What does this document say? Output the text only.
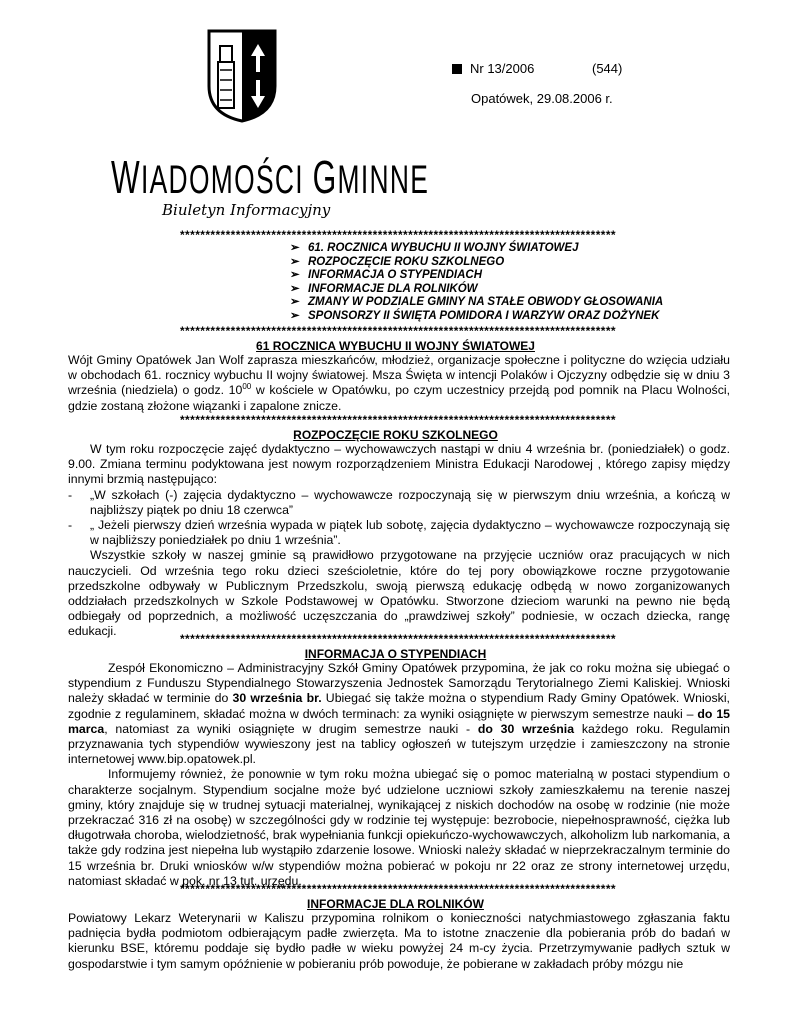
Nr 13/2006	(544)
Opatówek, 29.08.2006 r.
WIADOMOŚCI GMINNE
Biuletyn Informacyjny
**************************************************************************************
➢ 61. ROCZNICA WYBUCHU II WOJNY ŚWIATOWEJ
➢ ROZPOCZĘCIE ROKU SZKOLNEGO
➢ INFORMACJA O STYPENDIACH
➢ INFORMACJE DLA ROLNIKÓW
➢ ZMANY W PODZIALE GMINY NA STAŁE OBWODY GŁOSOWANIA
➢ SPONSORZY II ŚWIĘTA POMIDORA I WARZYW ORAZ DOŻYNEK
**************************************************************************************
61 ROCZNICA WYBUCHU II WOJNY ŚWIATOWEJ

Wójt Gminy Opatówek Jan Wolf zaprasza mieszkańców, młodzież, organizacje społeczne i polityczne do wzięcia udziału w obchodach 61. rocznicy wybuchu II wojny światowej. Msza Święta w intencji Polaków i Ojczyzny odbędzie się w dniu 3 września (niedziela) o godz. $10^{00}$ w kościele w Opatówku, po czym uczestnicy przejdą pod pomnik na Placu Wolności, gdzie zostaną złożone wiązanki i zapalone znicze.

**************************************************************************************
ROZPOCZĘCIE ROKU SZKOLNEGO

W tym roku rozpoczęcie zajęć dydaktyczno – wychowawczych nastąpi w dniu 4 września br. (poniedziałek) o godz. 9.00. Zmiana terminu podyktowana jest nowym rozporządzeniem Ministra Edukacji Narodowej , którego zapisy między innymi brzmią następująco:

-	„W szkołach (-) zajęcia dydaktyczno – wychowawcze rozpoczynają się w pierwszym dniu września, a kończą w najbliższy piątek po dniu 18 czerwca”
-	„ Jeżeli pierwszy dzień września wypada w piątek lub sobotę, zajęcia dydaktyczno – wychowawcze rozpoczynają się w najbliższy poniedziałek po dniu 1 września”.

Wszystkie szkoły w naszej gminie są prawidłowo przygotowane na przyjęcie uczniów oraz pracujących w nich nauczycieli. Od września tego roku dzieci sześcioletnie, które do tej pory obowiązkowe roczne przygotowanie przedszkolne odbywały w Publicznym Przedszkolu, swoją pierwszą edukację odbędą w nowo zorganizowanych oddziałach przedszkolnych w Szkole Podstawowej w Opatówku. Stworzone dzieciom warunki na pewno nie będą odbiegały od poprzednich, a możliwość uczęszczania do „prawdziwej szkoły” podniesie, w oczach dziecka, rangę edukacji.

**************************************************************************************
INFORMACJA O STYPENDIACH

Zespół Ekonomiczno – Administracyjny Szkół Gminy Opatówek przypomina, że jak co roku można się ubiegać o stypendium z Funduszu Stypendialnego Stowarzyszenia Jednostek Samorządu Terytorialnego Ziemi Kaliskiej. Wnioski należy składać w terminie do 30 września br. Ubiegać się także można o stypendium Rady Gminy Opatówek. Wnioski, zgodnie z regulaminem, składać można w dwóch terminach: za wyniki osiągnięte w pierwszym semestrze nauki – do 15 marca, natomiast za wyniki osiągnięte w drugim semestrze nauki - do 30 września każdego roku. Regulamin przyznawania tych stypendiów wywieszony jest na tablicy ogłoszeń w tutejszym urzędzie i zamieszczony na stronie internetowej www.bip.opatowek.pl.

Informujemy również, że ponownie w tym roku można ubiegać się o pomoc materialną w postaci stypendium o charakterze socjalnym. Stypendium socjalne może być udzielone uczniowi szkoły zamieszkałemu na terenie naszej gminy, który znajduje się w trudnej sytuacji materialnej, wynikającej z niskich dochodów na osobę w rodzinie (nie może przekraczać 316 zł na osobę) w szczególności gdy w rodzinie tej występuje: bezrobocie, niepełnosprawność, ciężka lub długotrwała choroba, wielodzietność, brak wypełniania funkcji opiekuńczo-wychowawczych, alkoholizm lub narkomania, a także gdy rodzina jest niepełna lub wystąpiło zdarzenie losowe. Wnioski należy składać w nieprzekraczalnym terminie do 15 września br. Druki wniosków w/w stypendiów można pobierać w pokoju nr 22 oraz ze strony internetowej urzędu, natomiast składać w pok. nr 13 tut. urzędu.

**************************************************************************************
INFORMACJE DLA ROLNIKÓW

Powiatowy Lekarz Weterynarii w Kaliszu przypomina rolnikom o konieczności natychmiastowego zgłaszania faktu padnięcia bydła podmiotom odbierającym padłe zwierzęta. Ma to istotne znaczenie dla pobierania prób do badań w kierunku BSE, któremu poddaje się bydło padłe w wieku powyżej 24 m-cy życia. Przetrzymywanie padłych sztuk w gospodarstwie i tym samym opóźnienie w pobieraniu prób powoduje, że pobierane w zakładach próby mózgu nie
